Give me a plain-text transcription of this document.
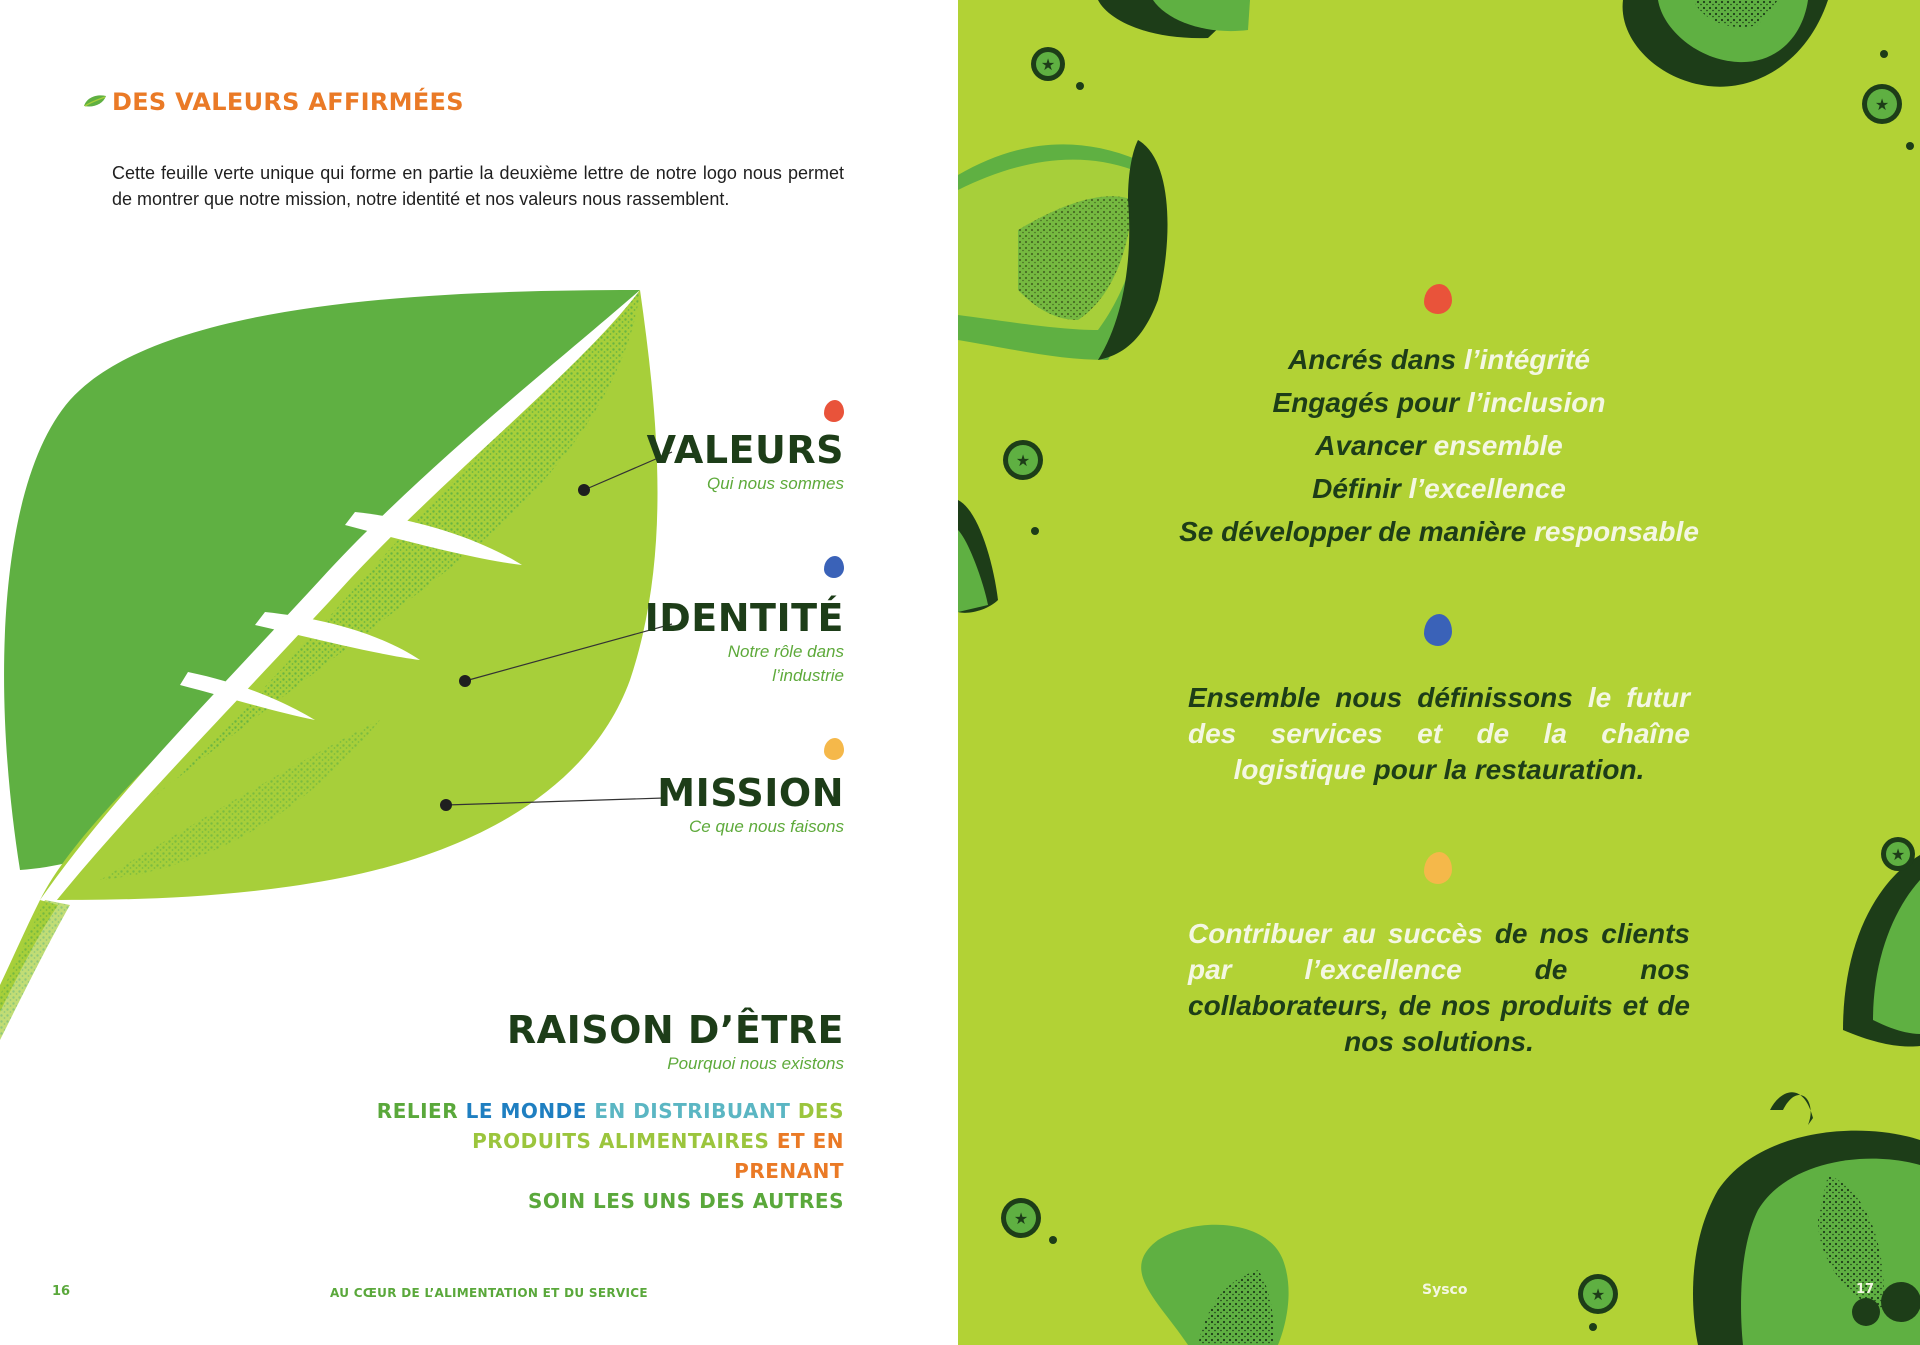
DES VALEURS AFFIRMÉES
Cette feuille verte unique qui forme en partie la deuxième lettre de notre logo nous permet de montrer que notre mission, notre identité et nos valeurs nous rassemblent.
VALEURS
Qui nous sommes
IDENTITÉ
Notre rôle dans
l’industrie
MISSION
Ce que nous faisons
RAISON D’ÊTRE
Pourquoi nous existons
RELIER LE MONDE EN DISTRIBUANT DES
PRODUITS ALIMENTAIRES ET EN PRENANT
SOIN LES UNS DES AUTRES
16	AU CŒUR DE L’ALIMENTATION ET DU SERVICE
★
★
★
★
★
★
Ancrés dans l’intégrité
Engagés pour l’inclusion
Avancer ensemble
Définir l’excellence
Se développer de manière responsable
Ensemble nous définissons le futur des services et de la chaîne logistique pour la restauration.
Contribuer au succès de nos clients par l’excellence	de nos collaborateurs, de nos produits et de nos solutions.
Sysco	17
